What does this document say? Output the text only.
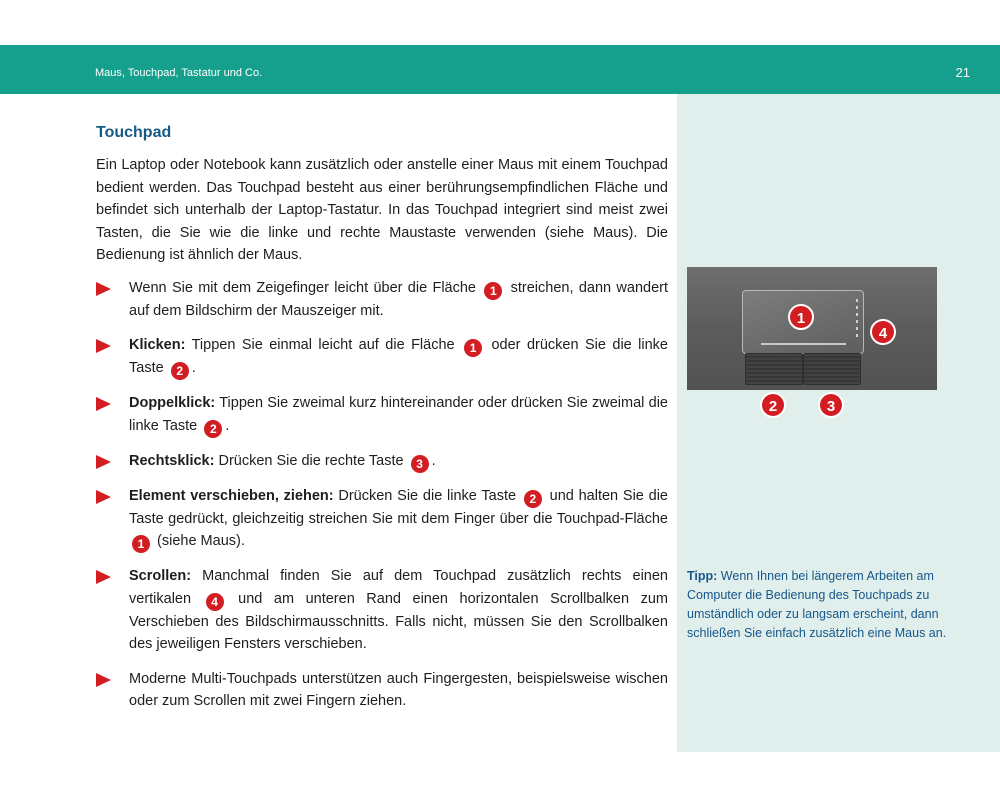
Maus, Touchpad, Tastatur und Co.	21
Touchpad

Ein Laptop oder Notebook kann zusätzlich oder anstelle einer Maus mit einem Touchpad bedient werden. Das Touchpad besteht aus einer berührungsempfindlichen Fläche und befindet sich unterhalb der Laptop-Tastatur. In das Touchpad integriert sind meist zwei Tasten, die Sie wie die linke und rechte Maustaste verwenden (siehe Maus). Die Bedienung ist ähnlich der Maus.

Wenn Sie mit dem Zeigefinger leicht über die Fläche 1 streichen, dann wandert auf dem Bildschirm der Mauszeiger mit.
Klicken: Tippen Sie einmal leicht auf die Fläche 1 oder drücken Sie die linke Taste 2 .
Doppelklick: Tippen Sie zweimal kurz hintereinander oder drücken Sie zweimal die linke Taste 2 .
Rechtsklick: Drücken Sie die rechte Taste 3 .
Element verschieben, ziehen: Drücken Sie die linke Taste 2 und halten Sie die Taste gedrückt, gleichzeitig streichen Sie mit dem Finger über die Touchpad-Fläche 1 (siehe Maus).
Scrollen: Manchmal finden Sie auf dem Touchpad zusätzlich rechts einen vertikalen 4 und am unteren Rand einen horizontalen Scrollbalken zum Verschieben des Bildschirmausschnitts. Falls nicht, müssen Sie den Scrollbalken des jeweiligen Fensters verschieben.
Moderne Multi-Touchpads unterstützen auch Fingergesten, beispielsweise wischen oder zum Scrollen mit zwei Fingern ziehen.
1
2	3
4
Tipp: Wenn Ihnen bei längerem Arbeiten am Computer die Bedienung des Touchpads zu umständlich oder zu langsam erscheint, dann schließen Sie einfach zusätzlich eine Maus an.
